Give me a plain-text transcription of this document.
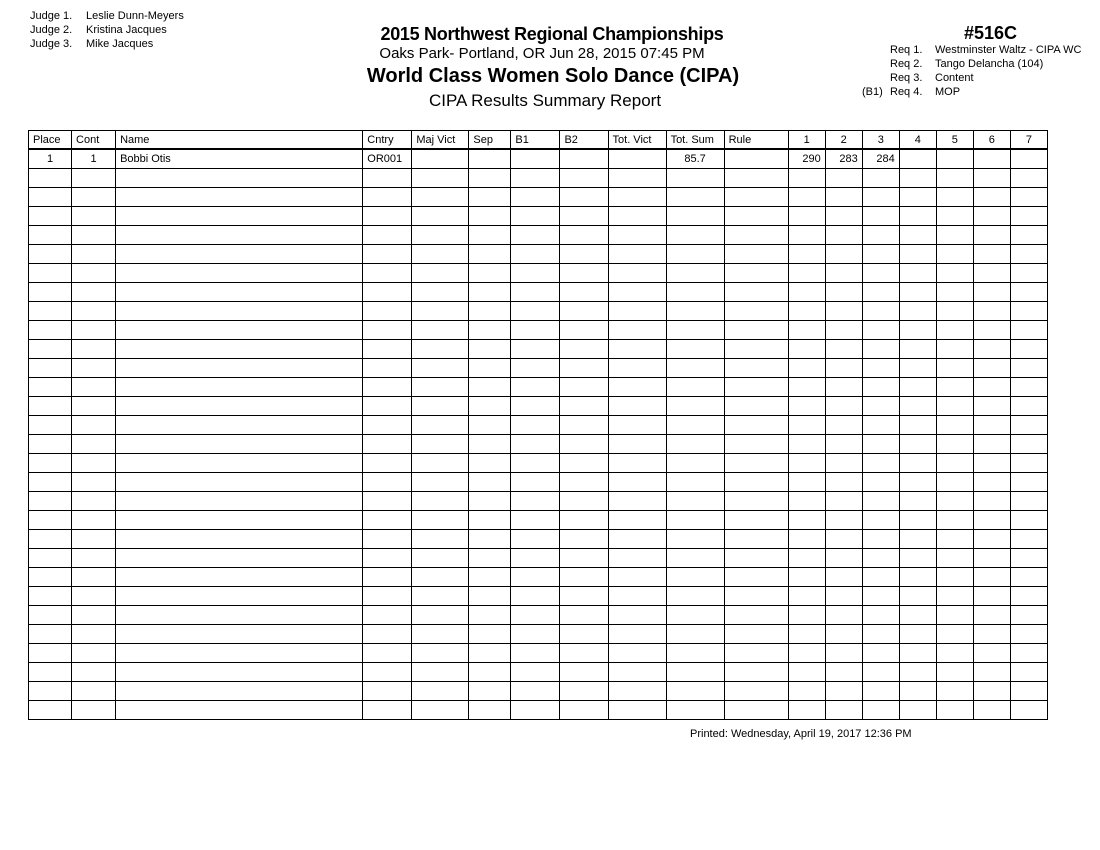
Judge 1. Leslie Dunn-Meyers
Judge 2. Kristina Jacques
Judge 3. Mike Jacques	2015 Northwest Regional Championships
Oaks Park- Portland, OR Jun 28, 2015 07:45 PM
World Class Women Solo Dance (CIPA)
CIPA Results Summary Report
#516C
Req 1.	Westminster Waltz - CIPA WC
Req 2.	Tango Delancha (104)
Req 3.	Content
(B1) Req 4.	MOP
Place	Cont	Name	Cntry	Maj Vict	Sep	B1	B2	Tot. Vict	Tot. Sum	Rule	1	2	3	4	5	6	7
1	1	Bobbi Otis	OR001						85.7		290	283	284				

Printed: Wednesday, April 19, 2017 12:36 PM
